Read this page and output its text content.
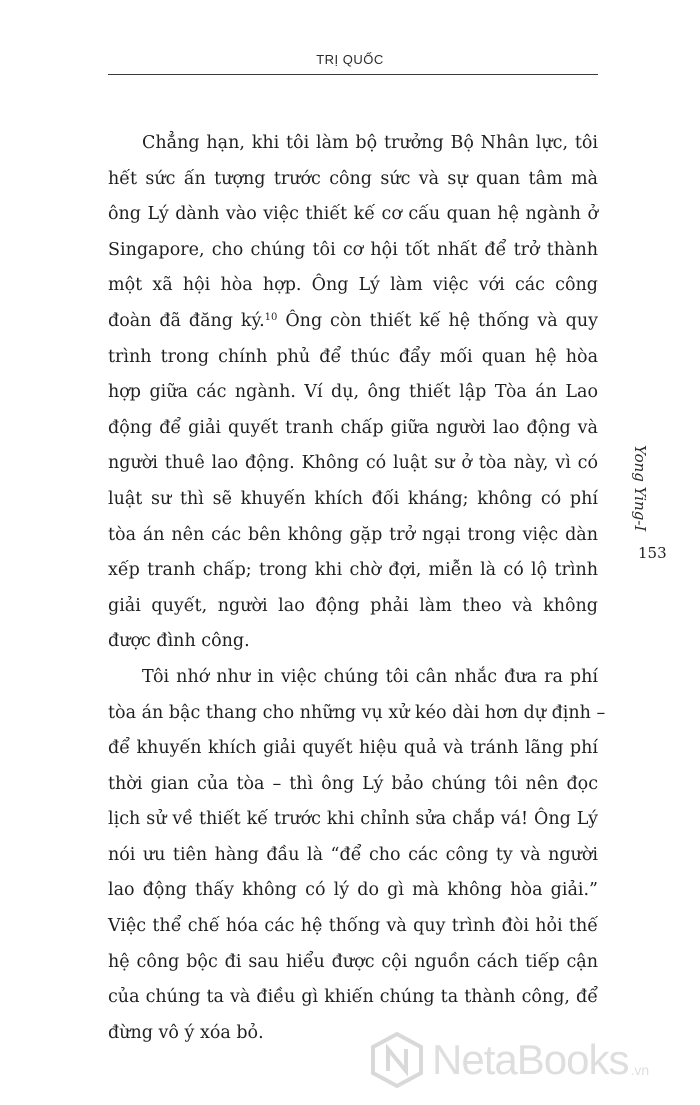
TRỊ QUỐC
Chẳng hạn, khi tôi làm bộ trưởng Bộ Nhân lực, tôi
hết sức ấn tượng trước công sức và sự quan tâm mà
ông Lý dành vào việc thiết kế cơ cấu quan hệ ngành ở
Singapore, cho chúng tôi cơ hội tốt nhất để trở thành
một xã hội hòa hợp. Ông Lý làm việc với các công
đoàn đã đăng ký.$^{10}$ Ông còn thiết kế hệ thống và quy
trình trong chính phủ để thúc đẩy mối quan hệ hòa
hợp giữa các ngành. Ví dụ, ông thiết lập Tòa án Lao
động để giải quyết tranh chấp giữa người lao động và
người thuê lao động. Không có luật sư ở tòa này, vì có
luật sư thì sẽ khuyến khích đối kháng; không có phí
tòa án nên các bên không gặp trở ngại trong việc dàn
xếp tranh chấp; trong khi chờ đợi, miễn là có lộ trình
giải quyết, người lao động phải làm theo và không
được đình công.
Tôi nhớ như in việc chúng tôi cân nhắc đưa ra phí
tòa án bậc thang cho những vụ xử kéo dài hơn dự định –
để khuyến khích giải quyết hiệu quả và tránh lãng phí
thời gian của tòa – thì ông Lý bảo chúng tôi nên đọc
lịch sử về thiết kế trước khi chỉnh sửa chắp vá! Ông Lý
nói ưu tiên hàng đầu là “để cho các công ty và người
lao động thấy không có lý do gì mà không hòa giải.”
Việc thể chế hóa các hệ thống và quy trình đòi hỏi thế
hệ công bộc đi sau hiểu được cội nguồn cách tiếp cận
của chúng ta và điều gì khiến chúng ta thành công, để
đừng vô ý xóa bỏ.
Yong Ying-I
153
NetaBooks .vn
